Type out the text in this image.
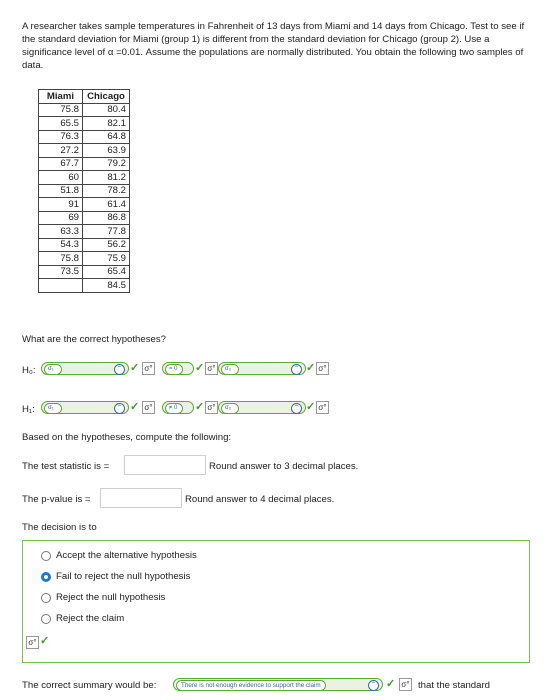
A researcher takes sample temperatures in Fahrenheit of 13 days from Miami and 14 days from Chicago. Test to see if the standard deviation for Miami (group 1) is different from the standard deviation for Chicago (group 2). Use a significance level of α =0.01. Assume the populations are normally distributed. You obtain the following two samples of data.
Miami	Chicago
75.8	80.4
65.5	82.1
76.3	64.8
27.2	63.9
67.7	79.2
60	81.2
51.8	78.2
91	61.4
69	86.8
63.3	77.8
54.3	56.2
75.8	75.9
73.5	65.4
	84.5
What are the correct hypotheses?
H₀:	σ₁	⌃ ✓ σ°	= 0	✓ σ°	σ₂	⌃ ✓ σ°
H₁:	σ₁	⌃ ✓ σ°	≠ 0	✓ σ°	σ₂	⌃ ✓ σ°
Based on the hypotheses, compute the following:
The test statistic is =	Round answer to 3 decimal places.
The p-value is =	Round answer to 4 decimal places.
The decision is to
Accept the alternative hypothesis
Fail to reject the null hypothesis
Reject the null hypothesis
Reject the claim
σ° ✓
The correct summary would be:	There is not enough evidence to support the claim	⌃ ✓ σ° that the standard
